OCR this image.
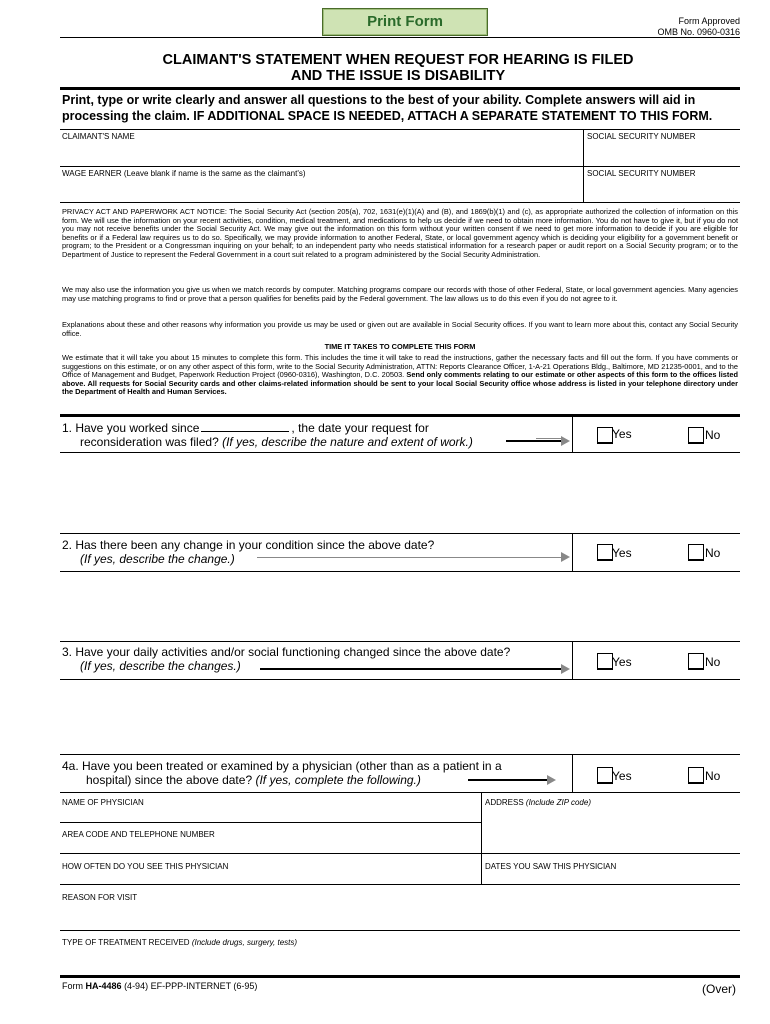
Print Form	Form Approved
OMB No. 0960-0316
CLAIMANT'S STATEMENT WHEN REQUEST FOR HEARING IS FILED
AND THE ISSUE IS DISABILITY
Print, type or write clearly and answer all questions to the best of your ability. Complete answers will aid in processing the claim. IF ADDITIONAL SPACE IS NEEDED, ATTACH A SEPARATE STATEMENT TO THIS FORM.
CLAIMANT'S NAME	SOCIAL SECURITY NUMBER
WAGE EARNER (Leave blank if name is the same as the claimant's)	SOCIAL SECURITY NUMBER
PRIVACY ACT AND PAPERWORK ACT NOTICE: The Social Security Act (section 205(a), 702, 1631(e)(1)(A) and (B), and 1869(b)(1) and (c), as appropriate authorized the collection of information on this form. We will use the information on your recent activities, condition, medical treatment, and medications to help us decide if we need to obtain more information. You do not have to give it, but if you do not you may not receive benefits under the Social Security Act. We may give out the information on this form without your written consent if we need to get more information to decide if you are eligible for benefits or if a Federal law requires us to do so. Specifically, we may provide information to another Federal, State, or local government agency which is deciding your eligibility for a government benefit or program; to the President or a Congressman inquiring on your behalf; to an independent party who needs statistical information for a research paper or audit report on a Social Security program; or to the Department of Justice to represent the Federal Government in a court suit related to a program administered by the Social Security Administration.
We may also use the information you give us when we match records by computer. Matching programs compare our records with those of other Federal, State, or local government agencies. Many agencies may use matching programs to find or prove that a person qualifies for benefits paid by the Federal government. The law allows us to do this even if you do not agree to it.
Explanations about these and other reasons why information you provide us may be used or given out are available in Social Security offices. If you want to learn more about this, contact any Social Security office.
TIME IT TAKES TO COMPLETE THIS FORM
We estimate that it will take you about 15 minutes to complete this form. This includes the time it will take to read the instructions, gather the necessary facts and fill out the form. If you have comments or suggestions on this estimate, or on any other aspect of this form, write to the Social Security Administration, ATTN: Reports Clearance Officer, 1-A-21 Operations Bldg., Baltimore, MD 21235-0001, and to the Office of Management and Budget, Paperwork Reduction Project (0960-0316), Washington, D.C. 20503. Send only comments relating to our estimate or other aspects of this form to the offices listed above. All requests for Social Security cards and other claims-related information should be sent to your local Social Security office whose address is listed in your telephone directory under the Department of Health and Human Services.
1. Have you worked since	, the date your request for
reconsideration was filed? (If yes, describe the nature and extent of work.)
Yes	No
2. Has there been any change in your condition since the above date?
(If yes, describe the change.)	Yes	No
3. Have your daily activities and/or social functioning changed since the above date?
(If yes, describe the changes.)	Yes	No
4a. Have you been treated or examined by a physician (other than as a patient in a
hospital) since the above date? (If yes, complete the following.)	Yes	No
NAME OF PHYSICIAN	ADDRESS (Include ZIP code)
AREA CODE AND TELEPHONE NUMBER
HOW OFTEN DO YOU SEE THIS PHYSICIAN	DATES YOU SAW THIS PHYSICIAN
REASON FOR VISIT
TYPE OF TREATMENT RECEIVED (Include drugs, surgery, tests)
Form HA-4486 (4-94) EF-PPP-INTERNET (6-95)	(Over)
